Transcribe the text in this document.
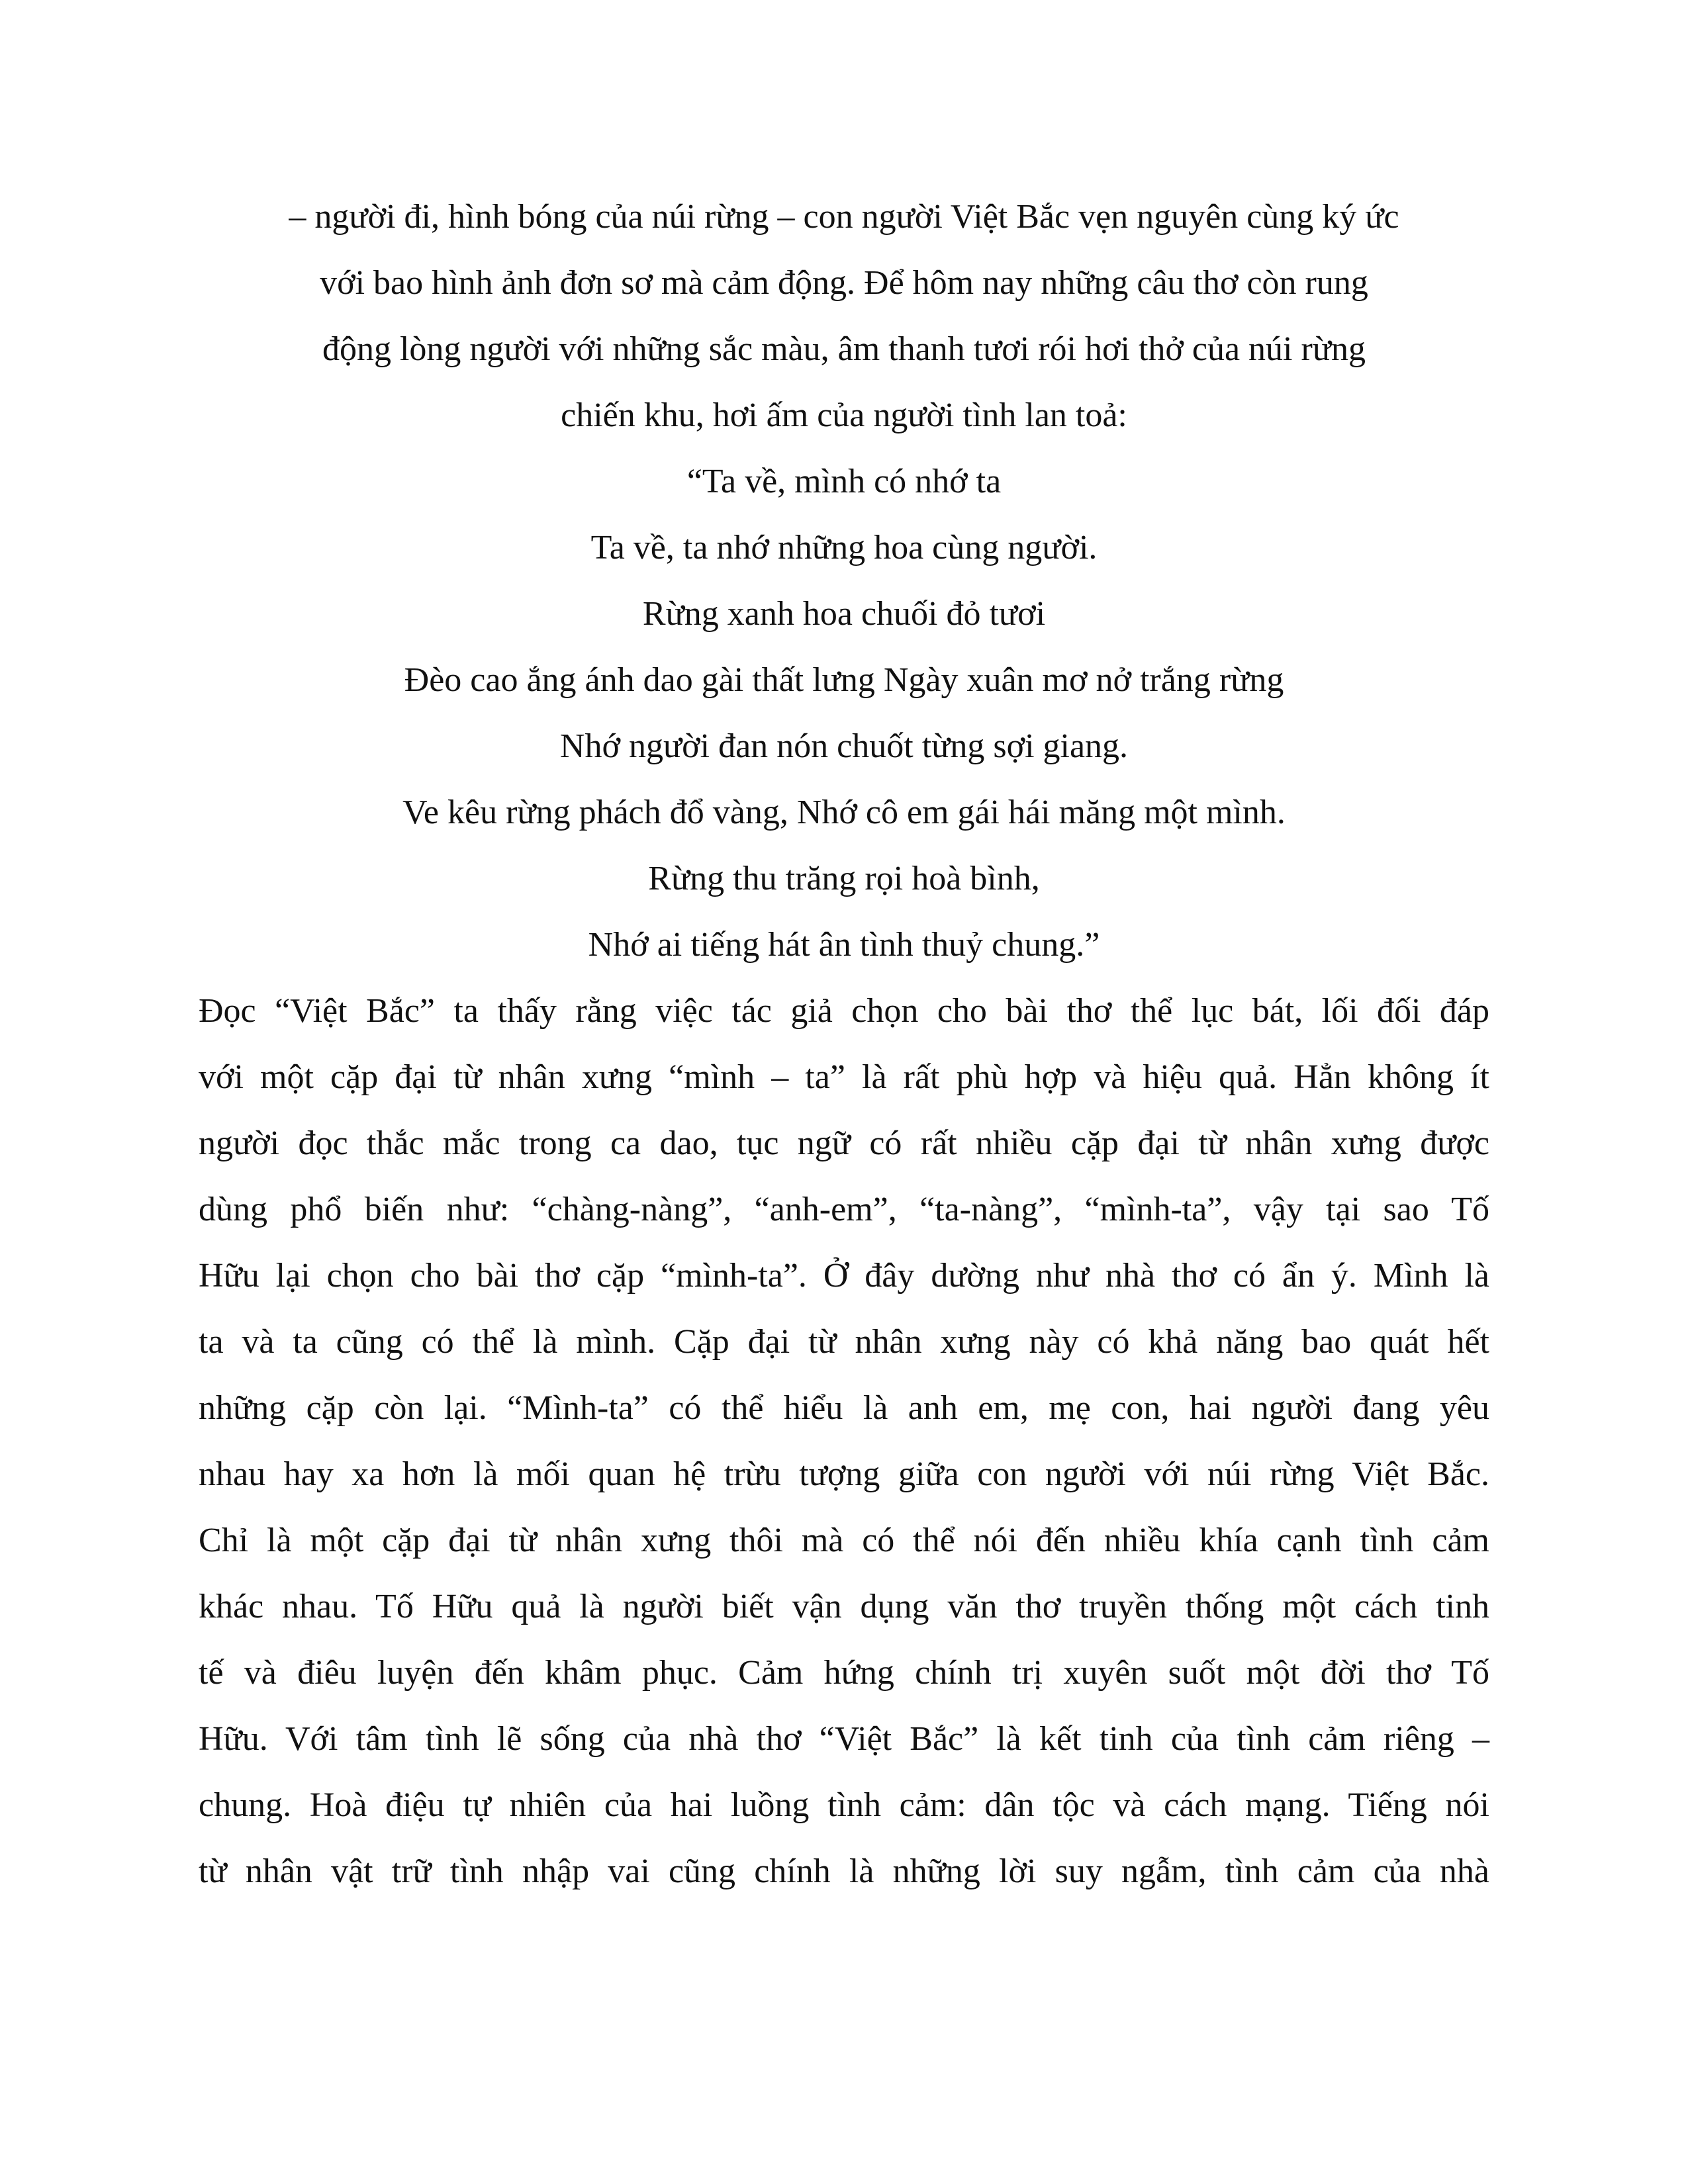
– người đi, hình bóng của núi rừng – con người Việt Bắc vẹn nguyên cùng ký ức
với bao hình ảnh đơn sơ mà cảm động. Để hôm nay những câu thơ còn rung
động lòng người với những sắc màu, âm thanh tươi rói hơi thở của núi rừng
chiến khu, hơi ấm của người tình lan toả:
“Ta về, mình có nhớ ta
Ta về, ta nhớ những hoa cùng người.
Rừng xanh hoa chuối đỏ tươi
Đèo cao ắng ánh dao gài thất lưng Ngày xuân mơ nở trắng rừng
Nhớ người đan nón chuốt từng sợi giang.
Ve kêu rừng phách đổ vàng, Nhớ cô em gái hái măng một mình.
Rừng thu trăng rọi hoà bình,
Nhớ ai tiếng hát ân tình thuỷ chung.”
Đọc “Việt Bắc” ta thấy rằng việc tác giả chọn cho bài thơ thể lục bát, lối đối đáp
với một cặp đại từ nhân xưng “mình – ta” là rất phù hợp và hiệu quả. Hẳn không ít
người đọc thắc mắc trong ca dao, tục ngữ có rất nhiều cặp đại từ nhân xưng được
dùng phổ biến như: “chàng-nàng”, “anh-em”, “ta-nàng”, “mình-ta”, vậy tại sao Tố
Hữu lại chọn cho bài thơ cặp “mình-ta”. Ở đây dường như nhà thơ có ẩn ý. Mình là
ta và ta cũng có thể là mình. Cặp đại từ nhân xưng này có khả năng bao quát hết
những cặp còn lại. “Mình-ta” có thể hiểu là anh em, mẹ con, hai người đang yêu
nhau hay xa hơn là mối quan hệ trừu tượng giữa con người với núi rừng Việt Bắc.
Chỉ là một cặp đại từ nhân xưng thôi mà có thể nói đến nhiều khía cạnh tình cảm
khác nhau. Tố Hữu quả là người biết vận dụng văn thơ truyền thống một cách tinh
tế và điêu luyện đến khâm phục. Cảm hứng chính trị xuyên suốt một đời thơ Tố
Hữu. Với tâm tình lẽ sống của nhà thơ “Việt Bắc” là kết tinh của tình cảm riêng –
chung. Hoà điệu tự nhiên của hai luồng tình cảm: dân tộc và cách mạng. Tiếng nói
từ nhân vật trữ tình nhập vai cũng chính là những lời suy ngẫm, tình cảm của nhà
